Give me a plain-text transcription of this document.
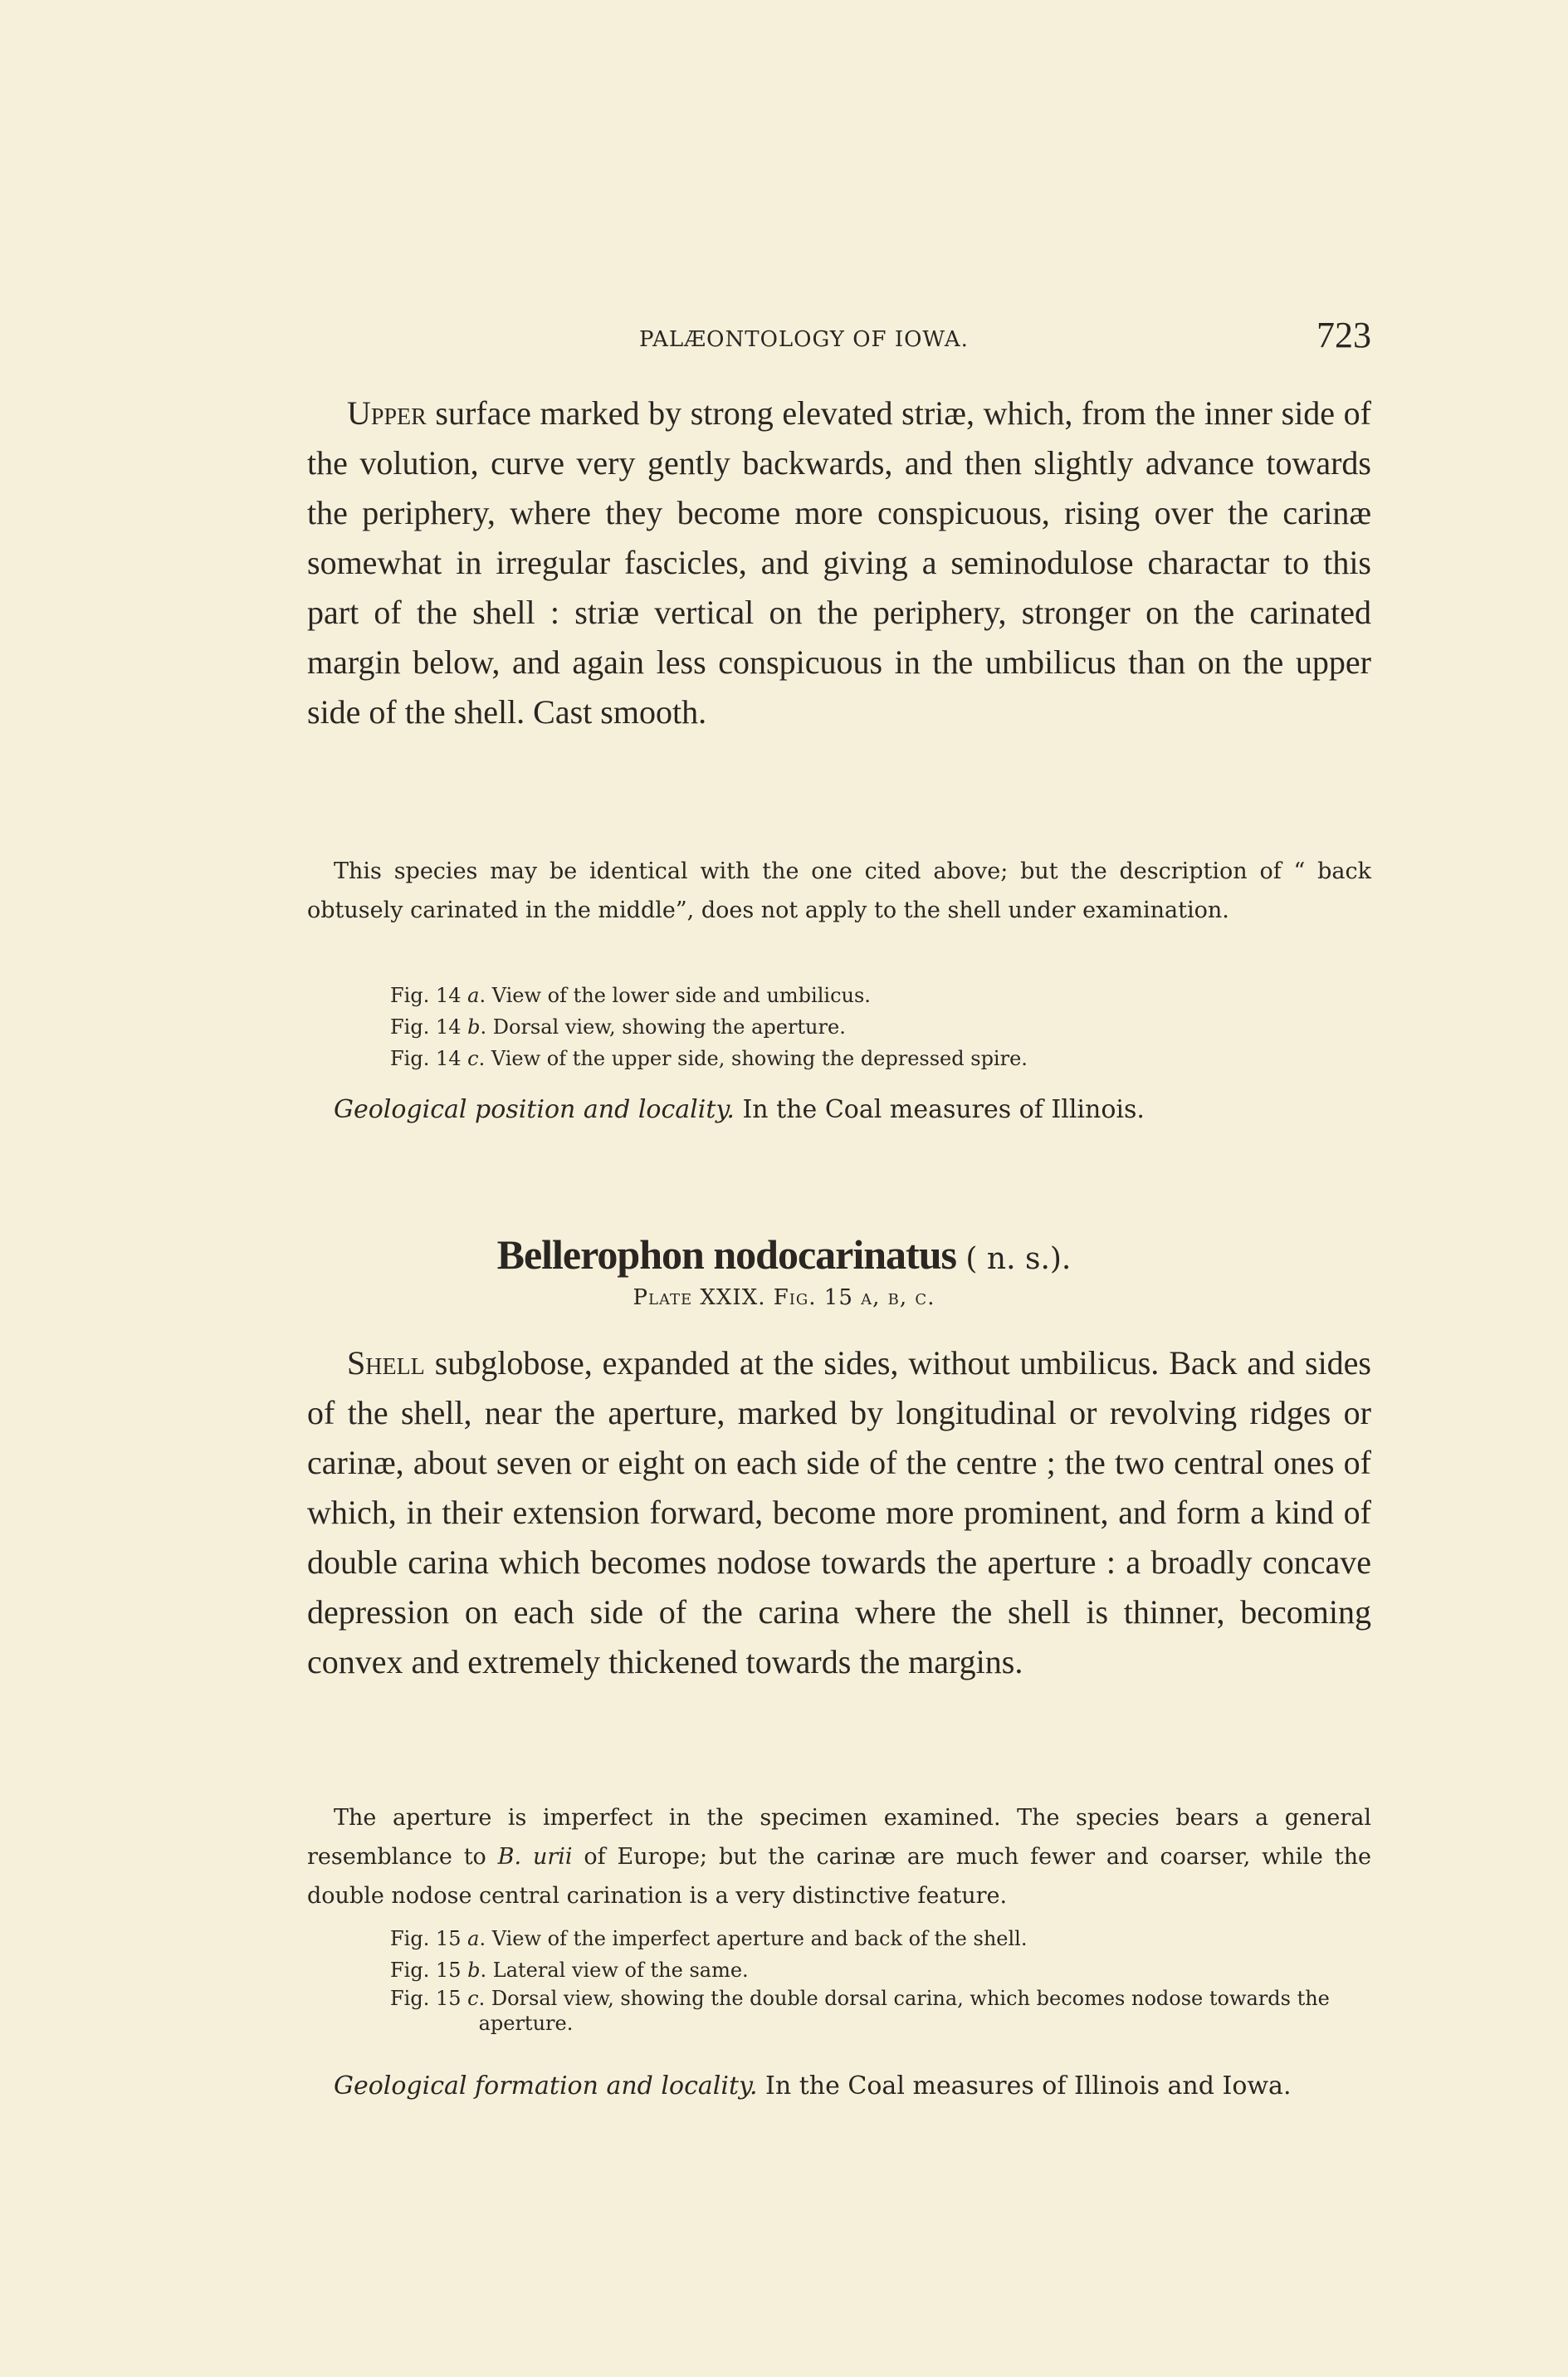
PALÆONTOLOGY OF IOWA.	723

Upper surface marked by strong elevated striæ, which, from the inner side of the volution, curve very gently backwards, and then slightly advance towards the periphery, where they become more conspicuous, rising over the carinæ somewhat in irregular fascicles, and giving a seminodulose charactar to this part of the shell : striæ vertical on the periphery, stronger on the carinated margin below, and again less conspicuous in the umbilicus than on the upper side of the shell. Cast smooth.

This species may be identical with the one cited above; but the description of “ back obtusely carinated in the middle”, does not apply to the shell under examination.

Fig. 14 a . View of the lower side and umbilicus.
Fig. 14 b . Dorsal view, showing the aperture.
Fig. 14 c . View of the upper side, showing the depressed spire.
Geological position and locality. In the Coal measures of Illinois.
Bellerophon nodocarinatus ( n. s.).
Plate XXIX. Fig. 15 a, b, c.

Shell subglobose, expanded at the sides, without umbilicus. Back and sides of the shell, near the aperture, marked by longitudinal or revolving ridges or carinæ, about seven or eight on each side of the centre ; the two central ones of which, in their extension forward, become more prominent, and form a kind of double carina which becomes nodose towards the aperture : a broadly concave depression on each side of the carina where the shell is thinner, becoming convex and extremely thickened towards the margins.

The aperture is imperfect in the specimen examined. The species bears a general resemblance to B. urii of Europe; but the carinæ are much fewer and coarser, while the double nodose central carination is a very distinctive feature.

Fig. 15 a . View of the imperfect aperture and back of the shell.
Fig. 15 b . Lateral view of the same.
Fig. 15 c . Dorsal view, showing the double dorsal carina, which becomes nodose towards the aperture.
Geological formation and locality. In the Coal measures of Illinois and Iowa.
